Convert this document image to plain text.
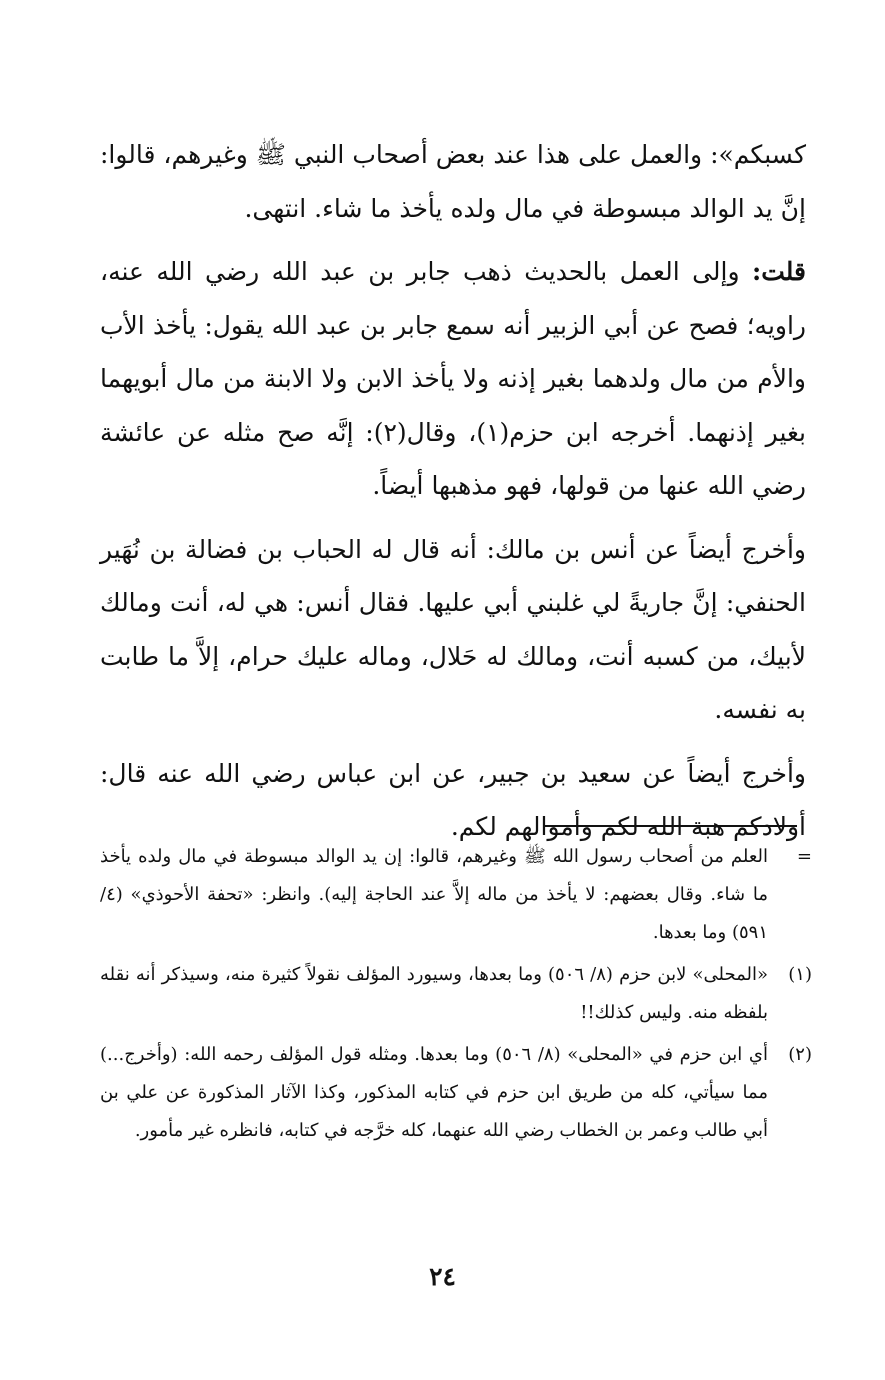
كسبكم»: والعمل على هذا عند بعض أصحاب النبي ﷺ وغيرهم، قالوا: إنَّ يد الوالد مبسوطة في مال ولده يأخذ ما شاء. انتهى.

قلت: وإلى العمل بالحديث ذهب جابر بن عبد الله رضي الله عنه، راويه؛ فصح عن أبي الزبير أنه سمع جابر بن عبد الله يقول: يأخذ الأب والأم من مال ولدهما بغير إذنه ولا يأخذ الابن ولا الابنة من مال أبويهما بغير إذنهما. أخرجه ابن حزم(١)، وقال(٢): إنَّه صح مثله عن عائشة رضي الله عنها من قولها، فهو مذهبها أيضاً.

وأخرج أيضاً عن أنس بن مالك: أنه قال له الحباب بن فضالة بن نُهَير الحنفي: إنَّ جاريةً لي غلبني أبي عليها. فقال أنس: هي له، أنت ومالك لأبيك، من كسبه أنت، ومالك له حَلال، وماله عليك حرام، إلاَّ ما طابت به نفسه.

وأخرج أيضاً عن سعيد بن جبير، عن ابن عباس رضي الله عنه قال: أولادكم هبة الله لكم وأموالهم لكم.

=
العلم من أصحاب رسول الله ﷺ وغيرهم، قالوا: إن يد الوالد مبسوطة في مال ولده يأخذ ما شاء. وقال بعضهم: لا يأخذ من ماله إلاَّ عند الحاجة إليه). وانظر: «تحفة الأحوذي» (٤/ ٥٩١) وما بعدها.
(١)
«المحلى» لابن حزم (٨/ ٥٠٦) وما بعدها، وسيورد المؤلف نقولاً كثيرة منه، وسيذكر أنه نقله بلفظه منه. وليس كذلك!!
(٢)
أي ابن حزم في «المحلى» (٨/ ٥٠٦) وما بعدها. ومثله قول المؤلف رحمه الله: (وأخرج...) مما سيأتي، كله من طريق ابن حزم في كتابه المذكور، وكذا الآثار المذكورة عن علي بن أبي طالب وعمر بن الخطاب رضي الله عنهما، كله خرَّجه في كتابه، فانظره غير مأمور.
٢٤
